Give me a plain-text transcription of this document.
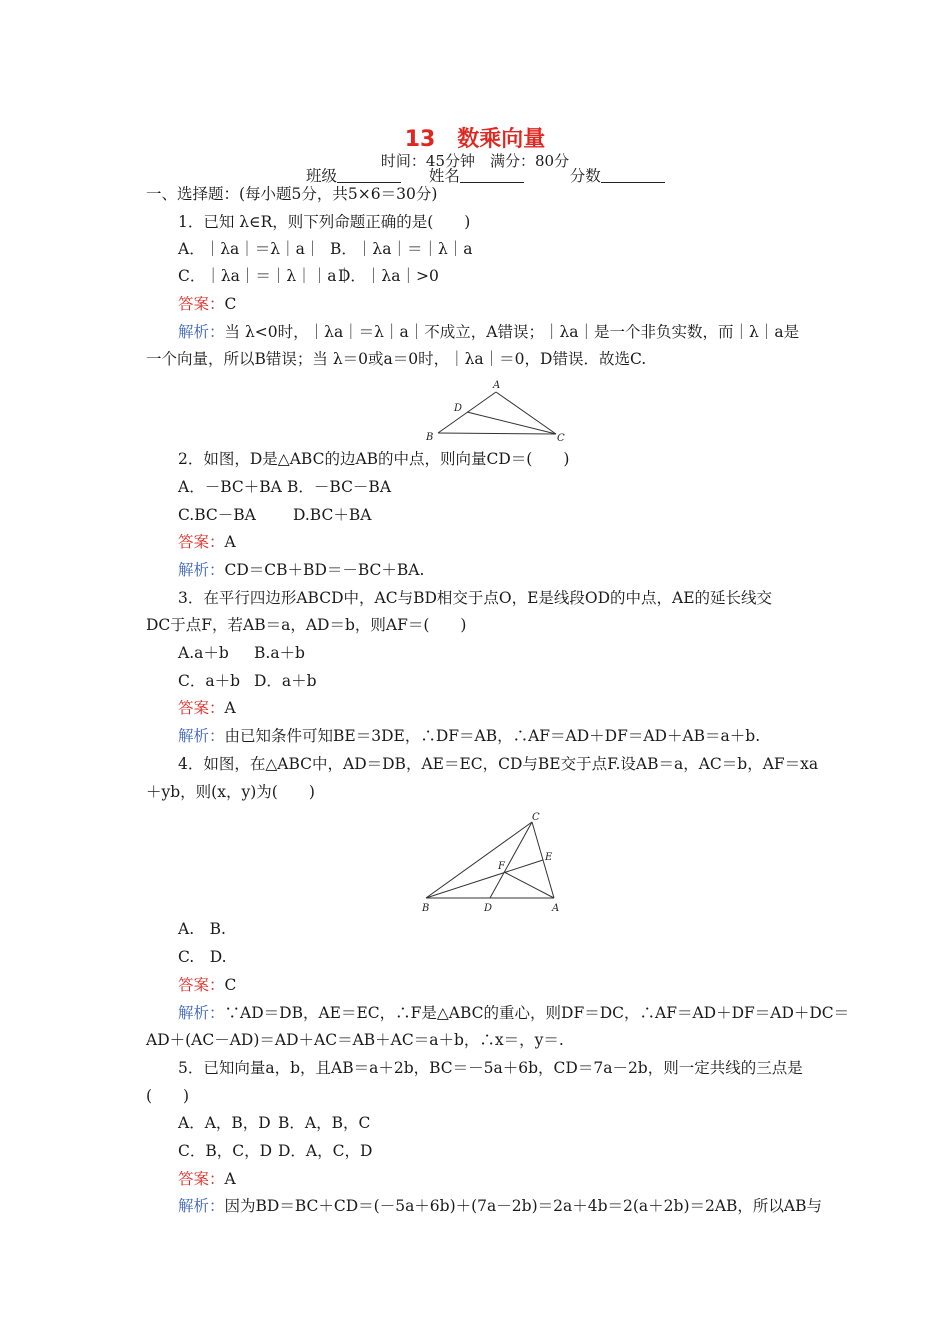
13　数乘向量
时间：45分钟　满分：80分
班级	姓名	分数
一、选择题：(每小题5分，共5×6＝30分)
1．已知 λ∈R，则下列命题正确的是(　　)
A．｜λa｜＝λ｜a｜ B．｜λa｜＝｜λ｜a
C．｜λa｜＝｜λ｜｜a｜
D．｜λa｜>0
答案：C
解析：当 λ<0时，｜λa｜＝λ｜a｜不成立，A错误；｜λa｜是一个非负实数，而｜λ｜a是
一个向量，所以B错误；当 λ＝0或a＝0时，｜λa｜＝0，D错误．故选C.
A
B	C
D
2．如图，D是△ABC的边AB的中点，则向量CD＝(　　)
A．－BC＋BA B．－BC－BA
C.BC－BA D.BC＋BA
答案：A
解析：CD＝CB＋BD＝－BC＋BA.
3．在平行四边形ABCD中，AC与BD相交于点O，E是线段OD的中点，AE的延长线交
DC于点F，若AB＝a，AD＝b，则AF＝(　　)
A.a＋b B.a＋b
C．a＋b D．a＋b
答案：A
解析：由已知条件可知BE＝3DE，∴DF＝AB，∴AF＝AD＋DF＝AD＋AB＝a＋b.
4．如图，在△ABC中，AD＝DB，AE＝EC，CD与BE交于点F.设AB＝a，AC＝b，AF＝xa
＋yb，则(x，y)为(　　)
C
E
F
B	D	A
A.　B.
C.　D.
答案：C
解析：∵AD＝DB，AE＝EC，∴F是△ABC的重心，则DF＝DC，∴AF＝AD＋DF＝AD＋DC＝
AD＋(AC－AD)＝AD＋AC＝AB＋AC＝a＋b，∴x＝，y＝.
5．已知向量a，b，且AB＝a＋2b，BC＝－5a＋6b，CD＝7a－2b，则一定共线的三点是
(　　)
A．A，B，D B．A，B，C
C．B，C，D D．A，C，D
答案：A
解析：因为BD＝BC＋CD＝(－5a＋6b)＋(7a－2b)＝2a＋4b＝2(a＋2b)＝2AB，所以AB与
